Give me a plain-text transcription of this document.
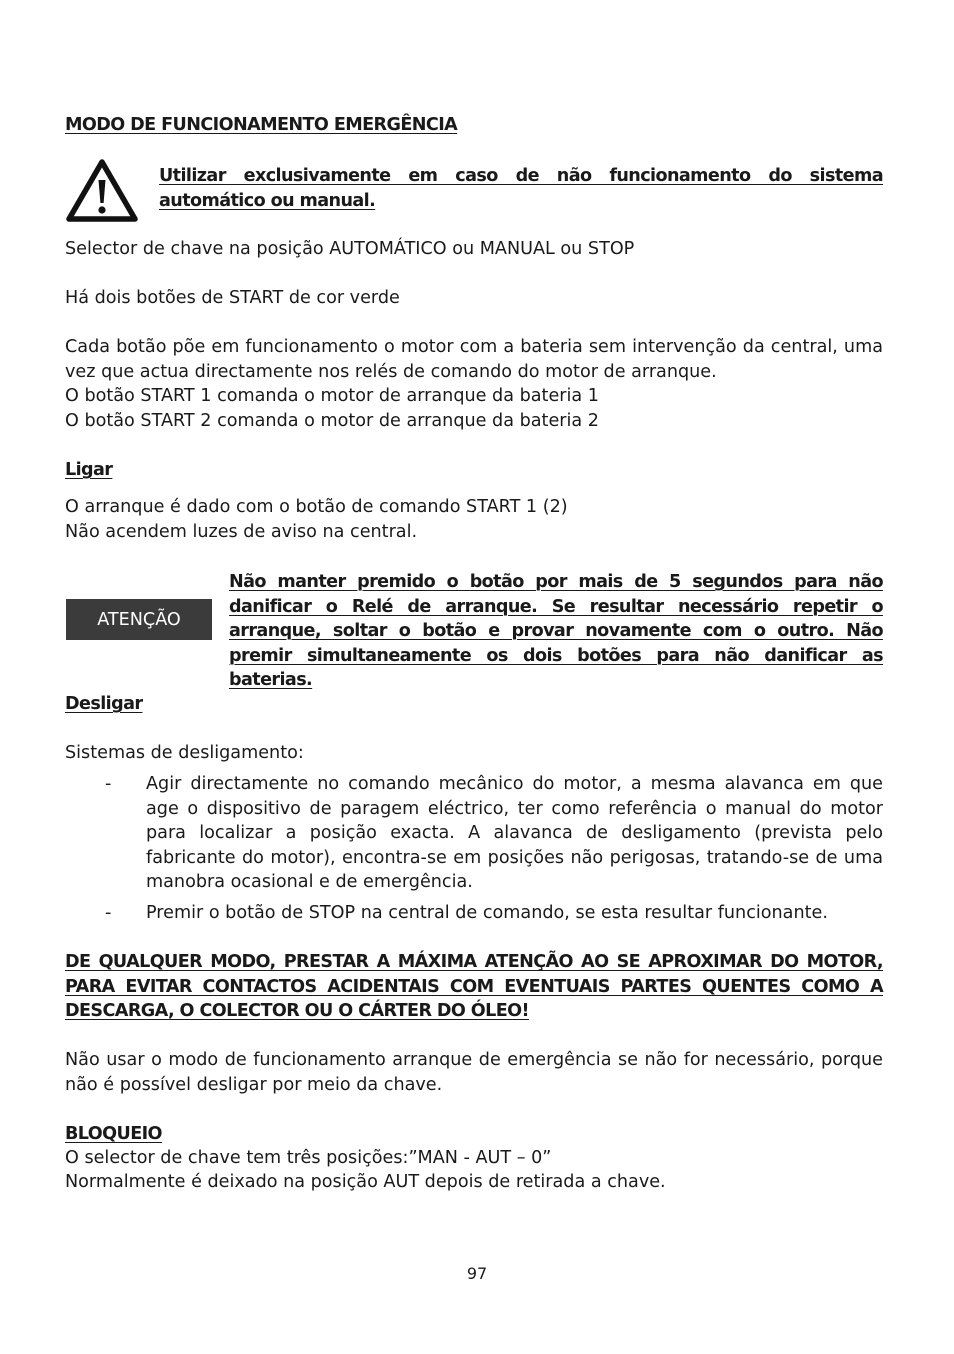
MODO DE FUNCIONAMENTO EMERGÊNCIA
Utilizar exclusivamente em caso de não funcionamento do sistema automático ou manual.
Selector de chave na posição AUTOMÁTICO ou MANUAL ou STOP
Há dois botões de START de cor verde
Cada botão põe em funcionamento o motor com a bateria sem intervenção da central, uma vez que actua directamente nos relés de comando do motor de arranque.
O botão START 1 comanda o motor de arranque da bateria 1
O botão START 2 comanda o motor de arranque da bateria 2
Ligar
O arranque é dado com o botão de comando START 1 (2)
Não acendem luzes de aviso na central.
ATENÇÃO
Não manter premido o botão por mais de 5 segundos para não danificar o Relé de arranque. Se resultar necessário repetir o arranque, soltar o botão e provar novamente com o outro. Não premir simultaneamente os dois botões para não danificar as baterias.
Desligar
Sistemas de desligamento:
- Agir directamente no comando mecânico do motor, a mesma alavanca em que age o dispositivo de paragem eléctrico, ter como referência o manual do motor para localizar a posição exacta. A alavanca de desligamento (prevista pelo fabricante do motor), encontra-se em posições não perigosas, tratando-se de uma manobra ocasional e de emergência.
- Premir o botão de STOP na central de comando, se esta resultar funcionante.
DE QUALQUER MODO, PRESTAR A MÁXIMA ATENÇÃO AO SE APROXIMAR DO MOTOR, PARA EVITAR CONTACTOS ACIDENTAIS COM EVENTUAIS PARTES QUENTES COMO A DESCARGA, O COLECTOR OU O CÁRTER DO ÓLEO!
Não usar o modo de funcionamento arranque de emergência se não for necessário, porque não é possível desligar por meio da chave.
BLOQUEIO
O selector de chave tem três posições:”MAN - AUT – 0”
Normalmente é deixado na posição AUT depois de retirada a chave.
97
